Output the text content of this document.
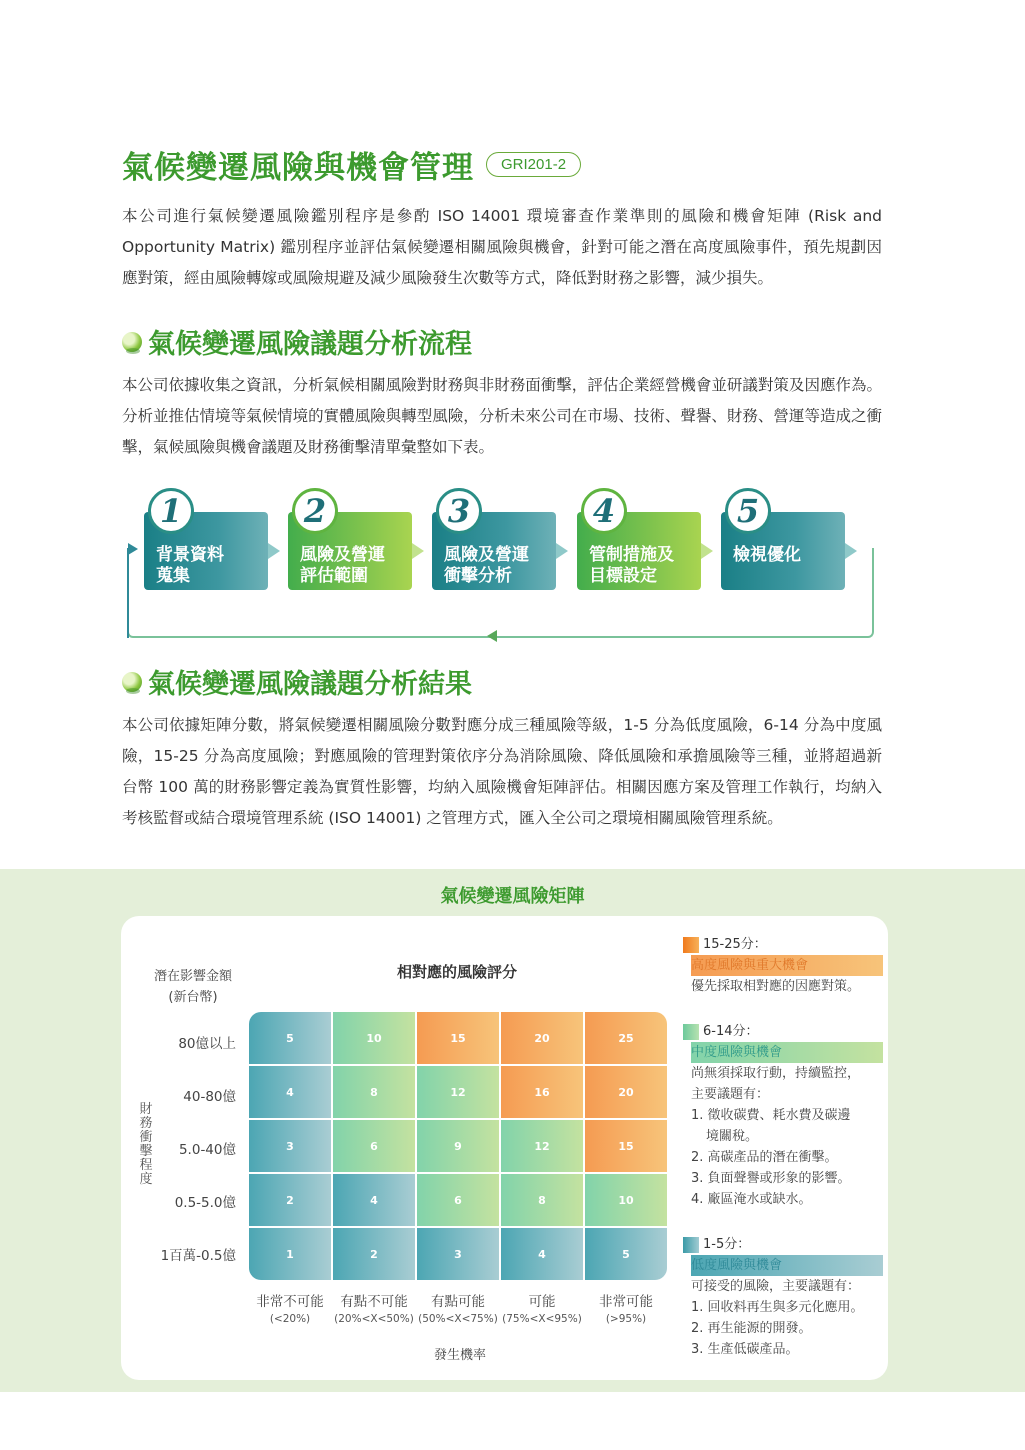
氣候變遷風險與機會管理	GRI201-2
本公司進行氣候變遷風險鑑別程序是參酌 ISO 14001 環境審查作業準則的風險和機會矩陣 (Risk and Opportunity Matrix) 鑑別程序並評估氣候變遷相關風險與機會，針對可能之潛在高度風險事件，預先規劃因應對策，經由風險轉嫁或風險規避及減少風險發生次數等方式，降低對財務之影響，減少損失。
氣候變遷風險議題分析流程
本公司依據收集之資訊，分析氣候相關風險對財務與非財務面衝擊，評估企業經營機會並研議對策及因應作為。分析並推估情境等氣候情境的實體風險與轉型風險，分析未來公司在市場、技術、聲譽、財務、營運等造成之衝擊，氣候風險與機會議題及財務衝擊清單彙整如下表。
1
背景資料
蒐集
2
風險及營運
評估範圍
3
風險及營運
衝擊分析
4
管制措施及
目標設定
5
檢視優化
氣候變遷風險議題分析結果
本公司依據矩陣分數，將氣候變遷相關風險分數對應分成三種風險等級，1-5 分為低度風險，6-14 分為中度風險，15-25 分為高度風險；對應風險的管理對策依序分為消除風險、降低風險和承擔風險等三種，並將超過新台幣 100 萬的財務影響定義為實質性影響，均納入風險機會矩陣評估。相關因應方案及管理工作執行，均納入考核監督或結合環境管理系統 (ISO 14001) 之管理方式，匯入全公司之環境相關風險管理系統。
氣候變遷風險矩陣
相對應的風險評分
潛在影響金額
(新台幣)
財務衝擊程度
80億以上
40-80億
5.0-40億
0.5-5.0億
1百萬-0.5億
5	10	15	20	25
4	8	12	16	20
3	6	9	12	15
2	4	6	8	10
1	2	3	4	5
非常不可能	有點不可能	有點可能	可能	非常可能
(<20%)	(20%<X<50%) (50%<X<75%) (75%<X<95%)	(>95%)
發生機率
15-25分：
高度風險與重大機會
優先採取相對應的因應對策。
6-14分：
中度風險與機會
尚無須採取行動，持續監控，
主要議題有：
1. 徵收碳費、耗水費及碳邊
境關稅。
2. 高碳產品的潛在衝擊。
3. 負面聲譽或形象的影響。
4. 廠區淹水或缺水。
1-5分：
低度風險與機會
可接受的風險，主要議題有：
1. 回收料再生與多元化應用。
2. 再生能源的開發。
3. 生產低碳產品。
